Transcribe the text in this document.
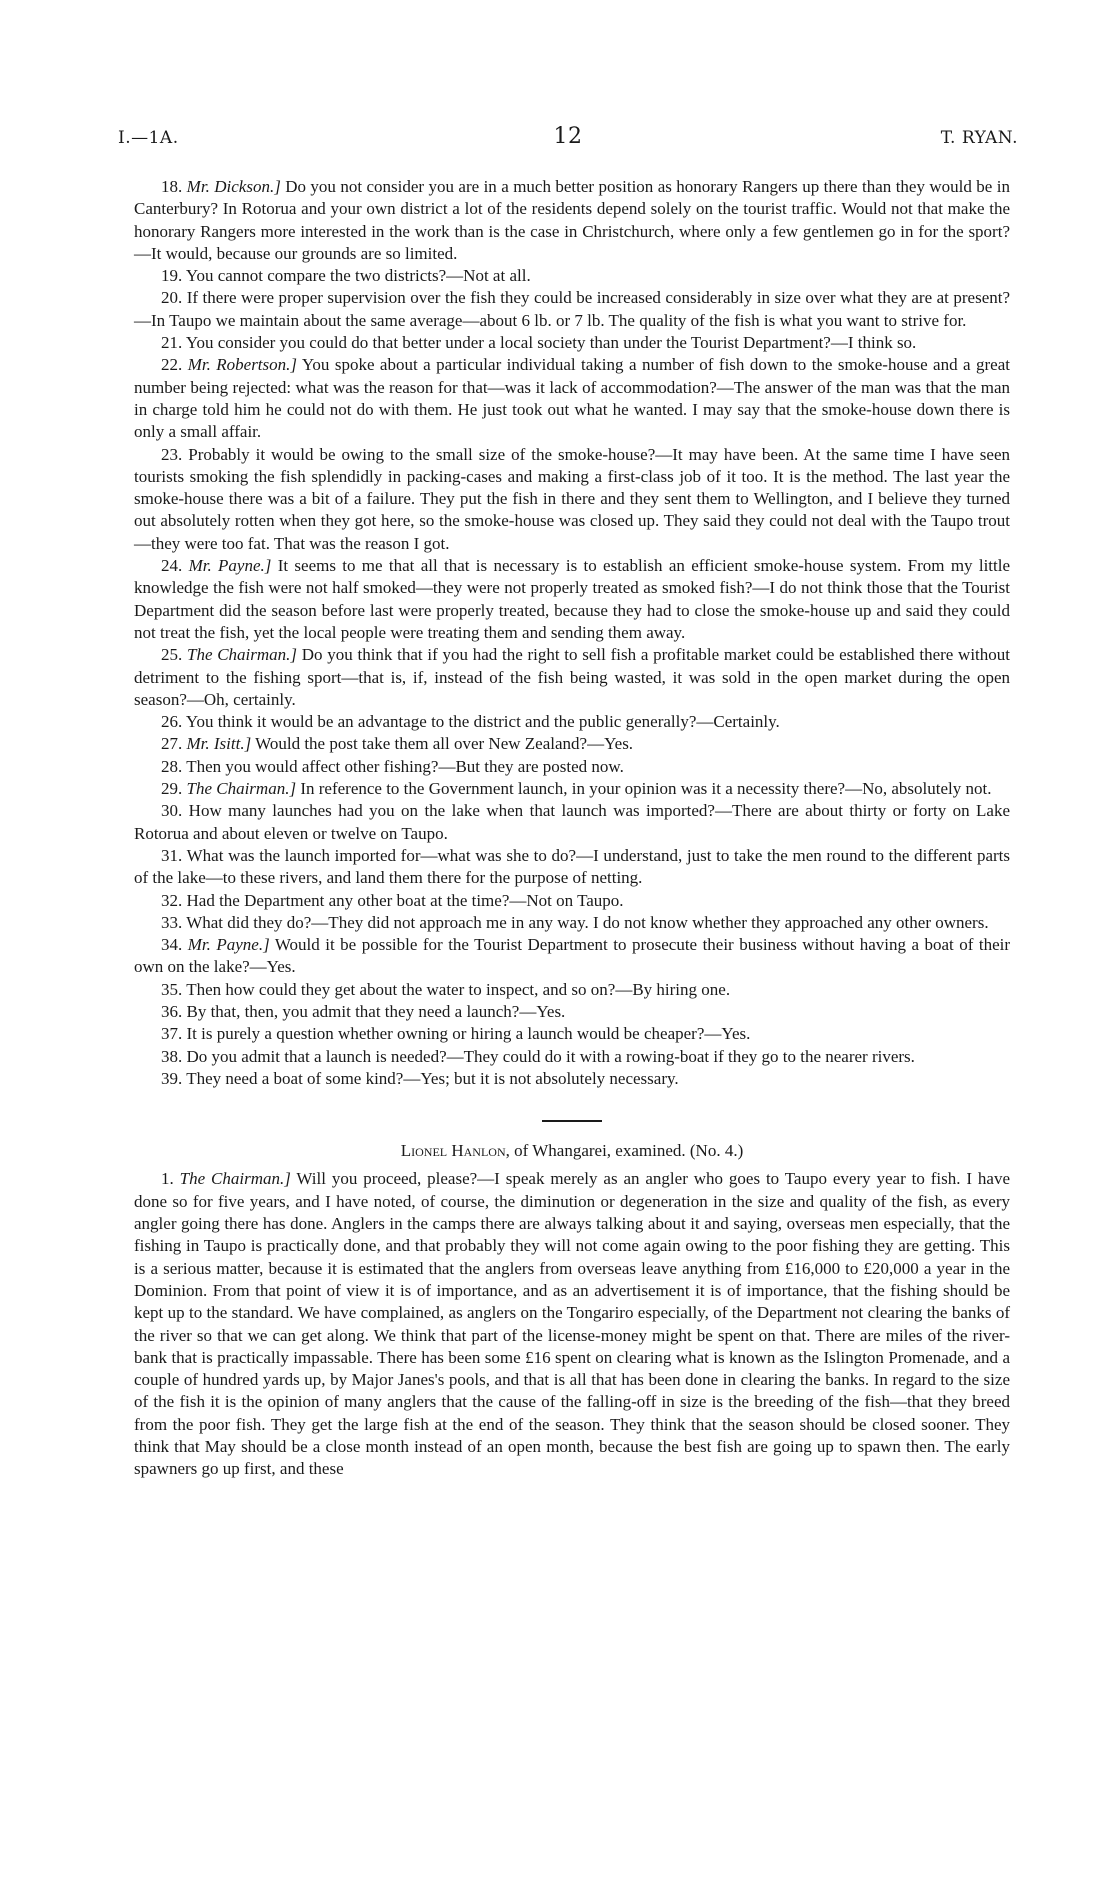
I.—1A.	12	T. RYAN.

18. Mr. Dickson.] Do you not consider you are in a much better position as honorary Rangers up there than they would be in Canterbury? In Rotorua and your own district a lot of the residents depend solely on the tourist traffic. Would not that make the honorary Rangers more interested in the work than is the case in Christchurch, where only a few gentlemen go in for the sport?—It would, because our grounds are so limited.

19. You cannot compare the two districts?—Not at all.

20. If there were proper supervision over the fish they could be increased considerably in size over what they are at present?—In Taupo we maintain about the same average—about 6 lb. or 7 lb. The quality of the fish is what you want to strive for.

21. You consider you could do that better under a local society than under the Tourist Department?—I think so.

22. Mr. Robertson.] You spoke about a particular individual taking a number of fish down to the smoke-house and a great number being rejected: what was the reason for that—was it lack of accommodation?—The answer of the man was that the man in charge told him he could not do with them. He just took out what he wanted. I may say that the smoke-house down there is only a small affair.

23. Probably it would be owing to the small size of the smoke-house?—It may have been. At the same time I have seen tourists smoking the fish splendidly in packing-cases and making a first-class job of it too. It is the method. The last year the smoke-house there was a bit of a failure. They put the fish in there and they sent them to Wellington, and I believe they turned out absolutely rotten when they got here, so the smoke-house was closed up. They said they could not deal with the Taupo trout—they were too fat. That was the reason I got.

24. Mr. Payne.] It seems to me that all that is necessary is to establish an efficient smoke-house system. From my little knowledge the fish were not half smoked—they were not properly treated as smoked fish?—I do not think those that the Tourist Department did the season before last were properly treated, because they had to close the smoke-house up and said they could not treat the fish, yet the local people were treating them and sending them away.

25. The Chairman.] Do you think that if you had the right to sell fish a profitable market could be established there without detriment to the fishing sport—that is, if, instead of the fish being wasted, it was sold in the open market during the open season?—Oh, certainly.

26. You think it would be an advantage to the district and the public generally?—Certainly.

27. Mr. Isitt.] Would the post take them all over New Zealand?—Yes.

28. Then you would affect other fishing?—But they are posted now.

29. The Chairman.] In reference to the Government launch, in your opinion was it a necessity there?—No, absolutely not.

30. How many launches had you on the lake when that launch was imported?—There are about thirty or forty on Lake Rotorua and about eleven or twelve on Taupo.

31. What was the launch imported for—what was she to do?—I understand, just to take the men round to the different parts of the lake—to these rivers, and land them there for the purpose of netting.

32. Had the Department any other boat at the time?—Not on Taupo.

33. What did they do?—They did not approach me in any way. I do not know whether they approached any other owners.

34. Mr. Payne.] Would it be possible for the Tourist Department to prosecute their business without having a boat of their own on the lake?—Yes.

35. Then how could they get about the water to inspect, and so on?—By hiring one.

36. By that, then, you admit that they need a launch?—Yes.

37. It is purely a question whether owning or hiring a launch would be cheaper?—Yes.

38. Do you admit that a launch is needed?—They could do it with a rowing-boat if they go to the nearer rivers.

39. They need a boat of some kind?—Yes; but it is not absolutely necessary.

Lionel Hanlon, of Whangarei, examined. (No. 4.)

1. The Chairman.] Will you proceed, please?—I speak merely as an angler who goes to Taupo every year to fish. I have done so for five years, and I have noted, of course, the diminution or degeneration in the size and quality of the fish, as every angler going there has done. Anglers in the camps there are always talking about it and saying, overseas men especially, that the fishing in Taupo is practically done, and that probably they will not come again owing to the poor fishing they are getting. This is a serious matter, because it is estimated that the anglers from overseas leave anything from £16,000 to £20,000 a year in the Dominion. From that point of view it is of importance, and as an advertisement it is of importance, that the fishing should be kept up to the standard. We have complained, as anglers on the Tongariro especially, of the Department not clearing the banks of the river so that we can get along. We think that part of the license-money might be spent on that. There are miles of the river-bank that is practically impassable. There has been some £16 spent on clearing what is known as the Islington Promenade, and a couple of hundred yards up, by Major Janes's pools, and that is all that has been done in clearing the banks. In regard to the size of the fish it is the opinion of many anglers that the cause of the falling-off in size is the breeding of the fish—that they breed from the poor fish. They get the large fish at the end of the season. They think that the season should be closed sooner. They think that May should be a close month instead of an open month, because the best fish are going up to spawn then. The early spawners go up first, and these
